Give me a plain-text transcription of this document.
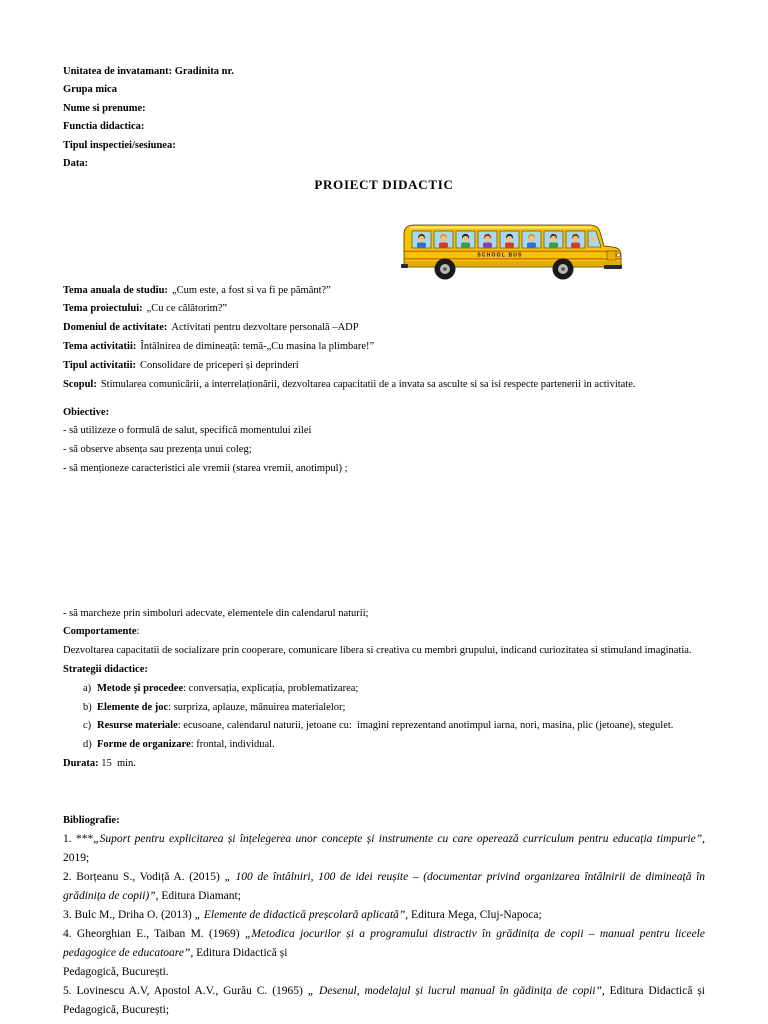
Unitatea de invatamant: Gradinita nr.
Grupa mica
Nume si prenume:
Functia didactica:
Tipul inspectiei/sesiunea:
Data:
PROIECT DIDACTIC
SCHOOL BUS
Tema anuala de studiu: „Cum este, a fost si va fi pe pământ?”
Tema proiectului: „Cu ce călătorim?”
Domeniul de activitate: Activitati pentru dezvoltare personală –ADP
Tema activitatii: Întâlnirea de dimineață: temă-„Cu masina la plimbare!”
Tipul activitatii: Consolidare de priceperi și deprinderi
Scopul: Stimularea comunicării, a interrelaționării, dezvoltarea capacitatii de a invata sa asculte si sa isi respecte partenerii in activitate.
Obiective:
- să utilizeze o formulă de salut, specifică momentului zilei
- să observe absența sau prezența unui coleg;
- să menționeze caracteristici ale vremii (starea vremii, anotimpul) ;
- să marcheze prin simboluri adecvate, elementele din calendarul naturii;
Comportamente:

Dezvoltarea capacitatii de socializare prin cooperare, comunicare libera si creativa cu membri grupului, indicand curiozitatea si stimuland imaginatia.

Strategii didactice:
a) Metode și procedee: conversația, explicația, problematizarea;
b) Elemente de joc: surpriza, aplauze, mânuirea materialelor;
c) Resurse materiale: ecusoane, calendarul naturii, jetoane cu:  imagini reprezentand anotimpul iarna, nori, masina, plic (jetoane), stegulet.
d) Forme de organizare: frontal, individual.
Durata: 15  min.
Bibliografie:

1. ***„Suport pentru explicitarea și înțelegerea unor concepte și instrumente cu care operează curriculum pentru educația timpurie”, 2019;

2. Borțeanu S., Vodiță A. (2015) „ 100 de întâlniri, 100 de idei reușite – (documentar privind organizarea întâlnirii de dimineață în grădinița de copii)”, Editura Diamant;

3. Bulc M., Driha O. (2013) „ Elemente de didactică preșcolară aplicată”, Editura Mega, Cluj-Napoca;

4. Gheorghian E., Taiban M. (1969) „Metodica jocurilor și a programului distractiv în grădinița de copii – manual pentru liceele pedagogice de educatoare”, Editura Didactică și

Pedagogică, București.

5. Lovinescu A.V, Apostol A.V., Gurău C. (1965) „ Desenul, modelajul și lucrul manual în gădinița de copii”, Editura Didactică și Pedagogică, București;
